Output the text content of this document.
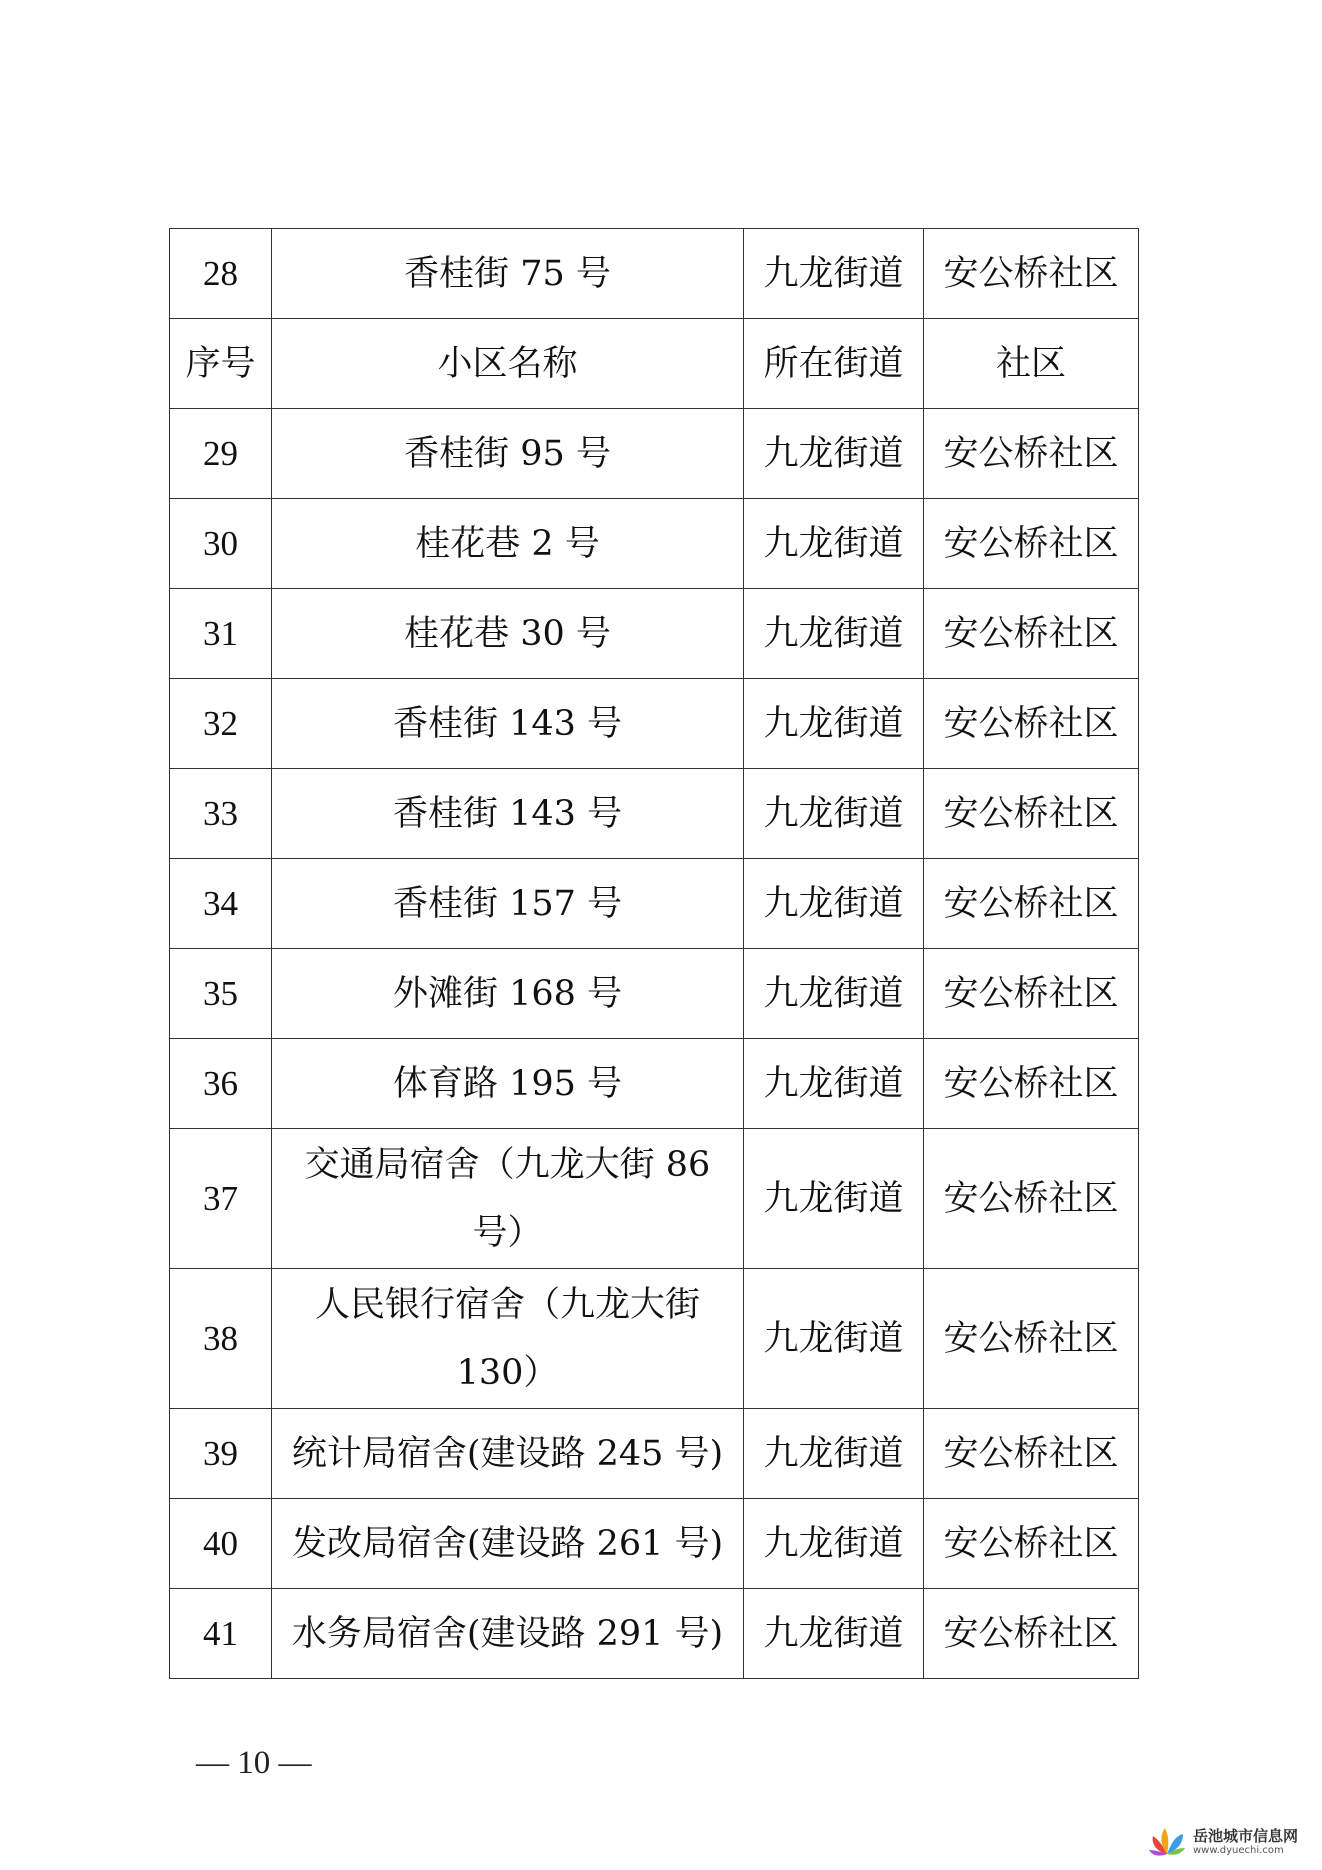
28	香桂街 75 号	九龙街道	安公桥社区
序号	小区名称	所在街道	社区
29	香桂街 95 号	九龙街道	安公桥社区
30	桂花巷 2 号	九龙街道	安公桥社区
31	桂花巷 30 号	九龙街道	安公桥社区
32	香桂街 143 号	九龙街道	安公桥社区
33	香桂街 143 号	九龙街道	安公桥社区
34	香桂街 157 号	九龙街道	安公桥社区
35	外滩街 168 号	九龙街道	安公桥社区
36	体育路 195 号	九龙街道	安公桥社区
37	交通局宿舍（九龙大街 86 号）	九龙街道	安公桥社区
38	人民银行宿舍（九龙大街 130）	九龙街道	安公桥社区
39	统计局宿舍(建设路 245 号)	九龙街道	安公桥社区
40	发改局宿舍(建设路 261 号)	九龙街道	安公桥社区
41	水务局宿舍(建设路 291 号)	九龙街道	安公桥社区
— 10 —
岳池城市信息网
www.dyuechi.com
